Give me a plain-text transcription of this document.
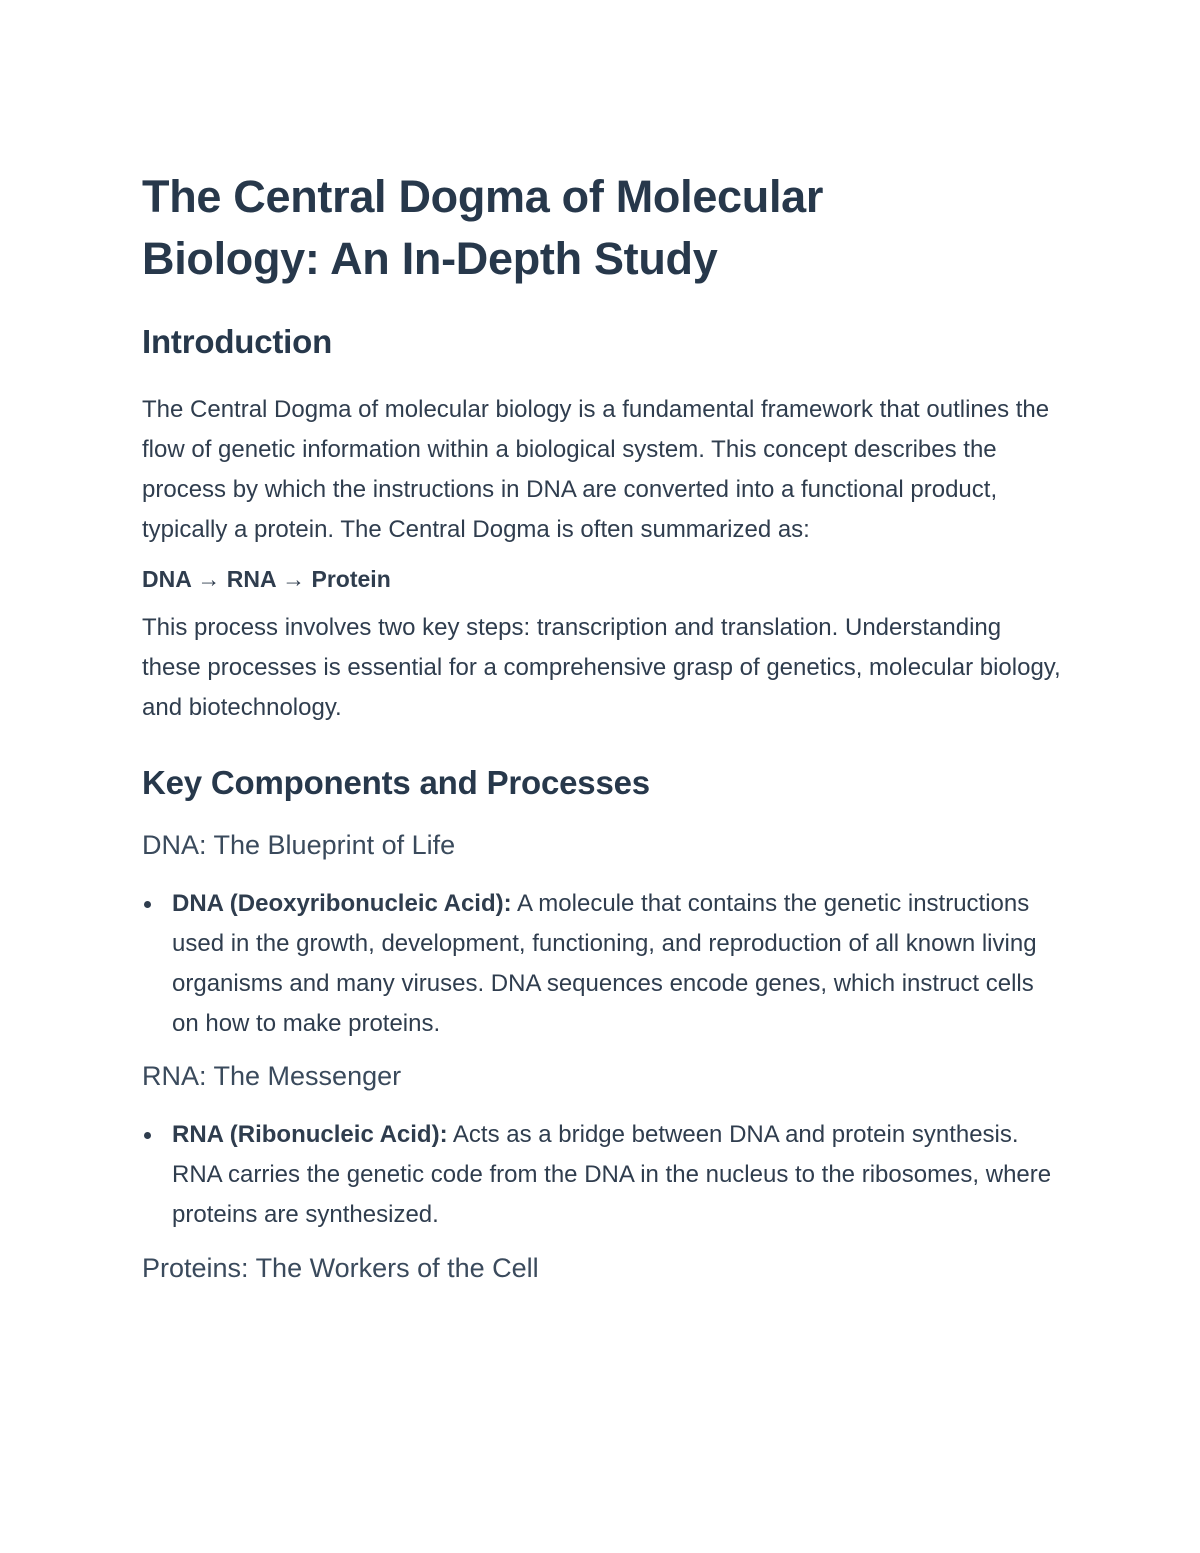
The Central Dogma of Molecular
Biology: An In-Depth Study
Introduction

The Central Dogma of molecular biology is a fundamental framework that outlines the flow of genetic information within a biological system. This concept describes the process by which the instructions in DNA are converted into a functional product, typically a protein. The Central Dogma is often summarized as:

DNA → RNA → Protein

This process involves two key steps: transcription and translation. Understanding these processes is essential for a comprehensive grasp of genetics, molecular biology, and biotechnology.

Key Components and Processes
DNA: The Blueprint of Life
DNA (Deoxyribonucleic Acid): A molecule that contains the genetic instructions used in the growth, development, functioning, and reproduction of all known living organisms and many viruses. DNA sequences encode genes, which instruct cells on how to make proteins.
RNA: The Messenger
RNA (Ribonucleic Acid): Acts as a bridge between DNA and protein synthesis. RNA carries the genetic code from the DNA in the nucleus to the ribosomes, where proteins are synthesized.
Proteins: The Workers of the Cell
